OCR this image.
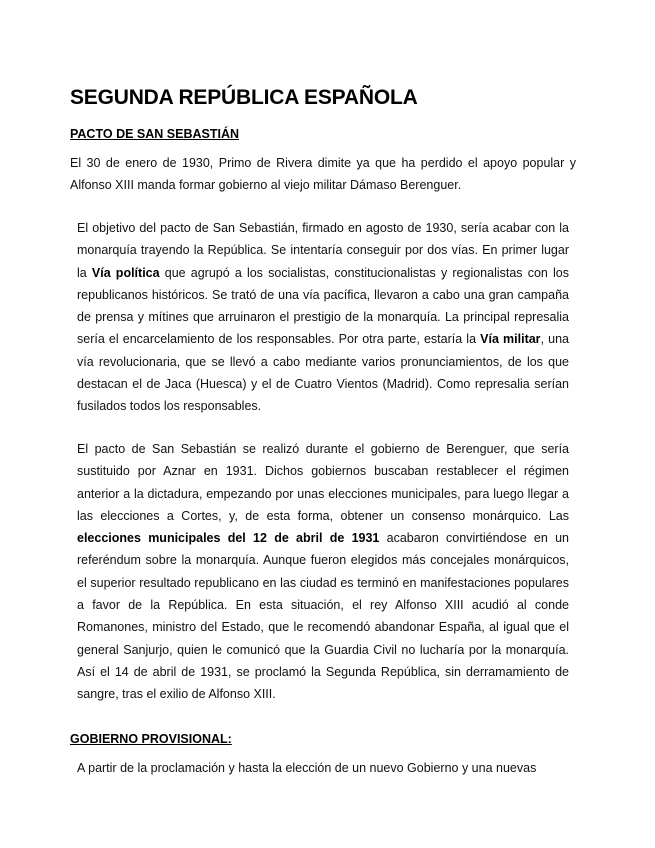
SEGUNDA REPÚBLICA ESPAÑOLA
PACTO DE SAN SEBASTIÁN

El 30 de enero de 1930, Primo de Rivera dimite ya que ha perdido el apoyo popular y Alfonso XIII manda formar gobierno al viejo militar Dámaso Berenguer.

El objetivo del pacto de San Sebastián, firmado en agosto de 1930, sería acabar con la monarquía trayendo la República. Se intentaría conseguir por dos vías. En primer lugar la Vía política que agrupó a los socialistas, constitucionalistas y regionalistas con los republicanos históricos. Se trató de una vía pacífica, llevaron a cabo una gran campaña de prensa y mítines que arruinaron el prestigio de la monarquía. La principal represalia sería el encarcelamiento de los responsables. Por otra parte, estaría la Vía militar, una vía revolucionaria, que se llevó a cabo mediante varios pronunciamientos, de los que destacan el de Jaca (Huesca) y el de Cuatro Vientos (Madrid). Como represalia serían fusilados todos los responsables.

El pacto de San Sebastián se realizó durante el gobierno de Berenguer, que sería sustituido por Aznar en 1931. Dichos gobiernos buscaban restablecer el régimen anterior a la dictadura, empezando por unas elecciones municipales, para luego llegar a las elecciones a Cortes, y, de esta forma, obtener un consenso monárquico. Las elecciones municipales del 12 de abril de 1931 acabaron convirtiéndose en un referéndum sobre la monarquía. Aunque fueron elegidos más concejales monárquicos, el superior resultado republicano en las ciudad es terminó en manifestaciones populares a favor de la República. En esta situación, el rey Alfonso XIII acudió al conde Romanones, ministro del Estado, que le recomendó abandonar España, al igual que el general Sanjurjo, quien le comunicó que la Guardia Civil no lucharía por la monarquía. Así el 14 de abril de 1931, se proclamó la Segunda República, sin derramamiento de sangre, tras el exilio de Alfonso XIII.

GOBIERNO PROVISIONAL:

A partir de la proclamación y hasta la elección de un nuevo Gobierno y una nuevas
